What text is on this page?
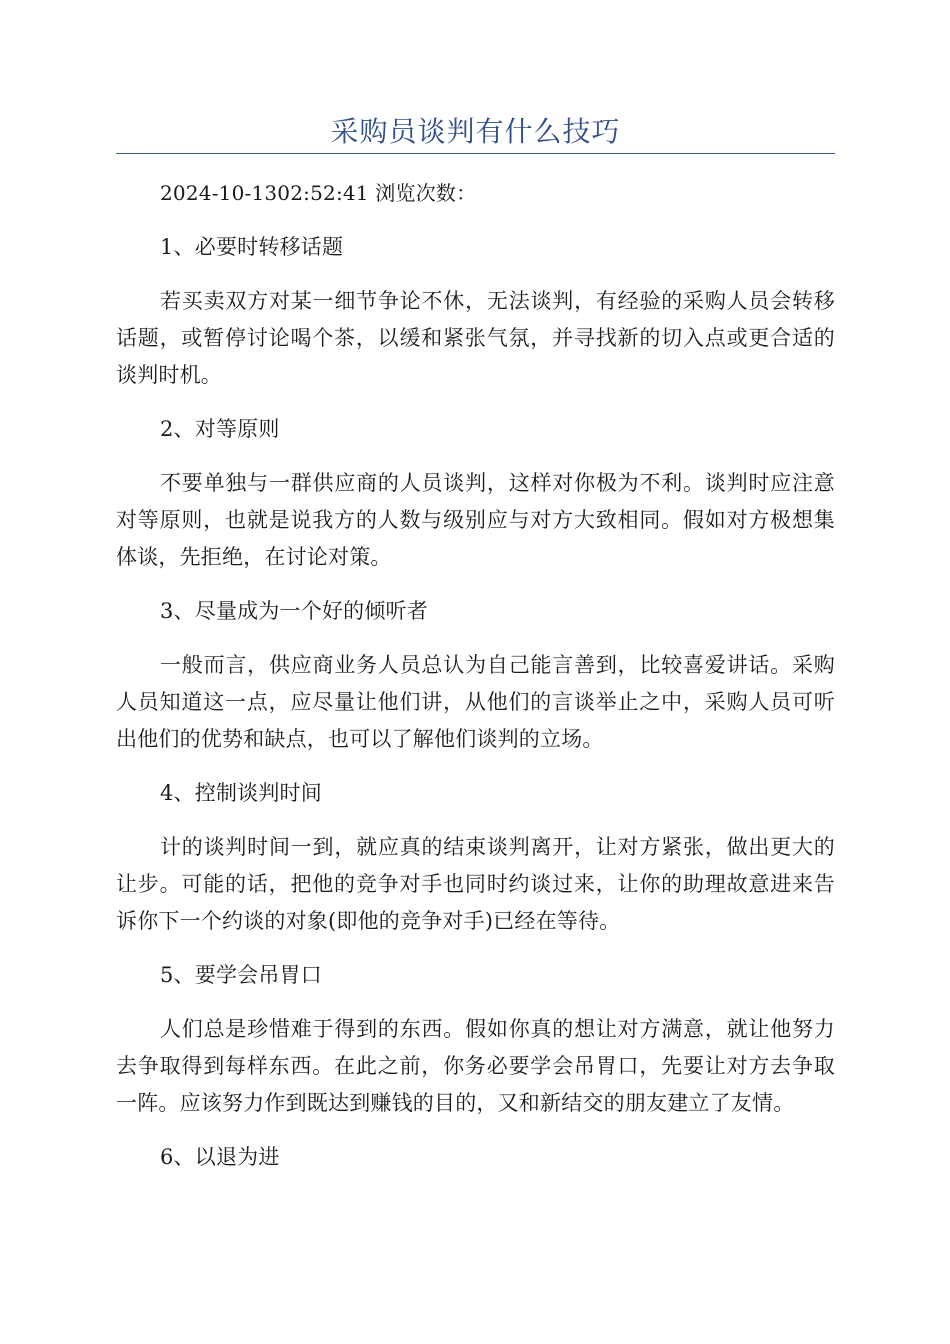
采购员谈判有什么技巧

2024-10-1302:52:41 浏览次数：

1、必要时转移话题

若买卖双方对某一细节争论不休，无法谈判，有经验的采购人员会转移话题，或暂停讨论喝个茶，以缓和紧张气氛，并寻找新的切入点或更合适的谈判时机。

2、对等原则

不要单独与一群供应商的人员谈判，这样对你极为不利。谈判时应注意对等原则，也就是说我方的人数与级别应与对方大致相同。假如对方极想集体谈，先拒绝，在讨论对策。

3、尽量成为一个好的倾听者

一般而言，供应商业务人员总认为自己能言善到，比较喜爱讲话。采购人员知道这一点，应尽量让他们讲，从他们的言谈举止之中，采购人员可听出他们的优势和缺点，也可以了解他们谈判的立场。

4、控制谈判时间

计的谈判时间一到，就应真的结束谈判离开，让对方紧张，做出更大的让步。可能的话，把他的竞争对手也同时约谈过来，让你的助理故意进来告诉你下一个约谈的对象(即他的竞争对手)已经在等待。

5、要学会吊胃口

人们总是珍惜难于得到的东西。假如你真的想让对方满意，就让他努力去争取得到每样东西。在此之前，你务必要学会吊胃口，先要让对方去争取一阵。应该努力作到既达到赚钱的目的，又和新结交的朋友建立了友情。

6、以退为进
